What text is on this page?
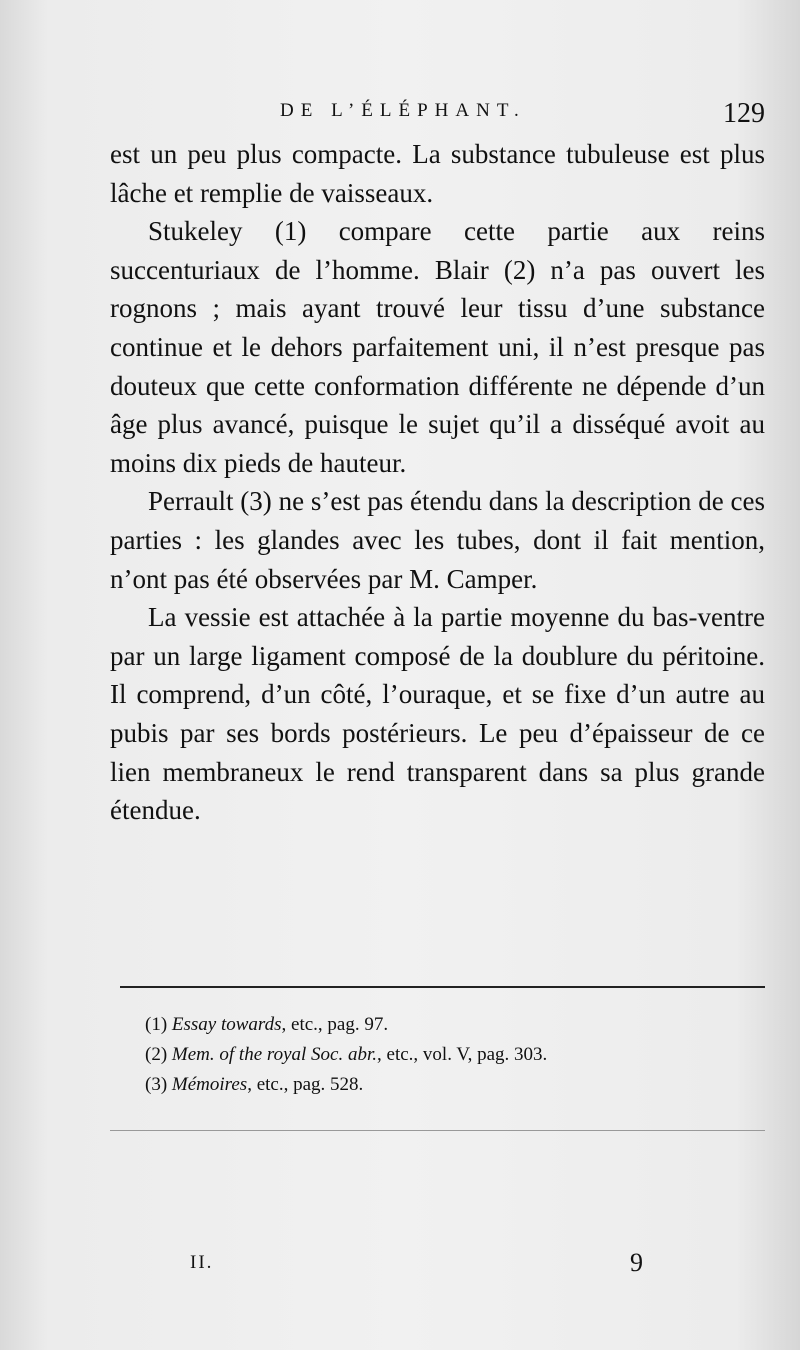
DE L’ÉLÉPHANT.	129

est un peu plus compacte. La substance tubuleuse est plus lâche et remplie de vaisseaux.

Stukeley (1) compare cette partie aux reins succenturiaux de l’homme. Blair (2) n’a pas ouvert les rognons ; mais ayant trouvé leur tissu d’une substance continue et le dehors parfaitement uni, il n’est presque pas douteux que cette conformation différente ne dépende d’un âge plus avancé, puisque le sujet qu’il a disséqué avoit au moins dix pieds de hauteur.

Perrault (3) ne s’est pas étendu dans la description de ces parties : les glandes avec les tubes, dont il fait mention, n’ont pas été observées par M. Camper.

La vessie est attachée à la partie moyenne du bas-ventre par un large ligament composé de la doublure du péritoine. Il comprend, d’un côté, l’ouraque, et se fixe d’un autre au pubis par ses bords postérieurs. Le peu d’épaisseur de ce lien membraneux le rend transparent dans sa plus grande étendue.

(1) Essay towards, etc., pag. 97.
(2) Mem. of the royal Soc. abr., etc., vol. V, pag. 303.
(3) Mémoires, etc., pag. 528.
II.	9
